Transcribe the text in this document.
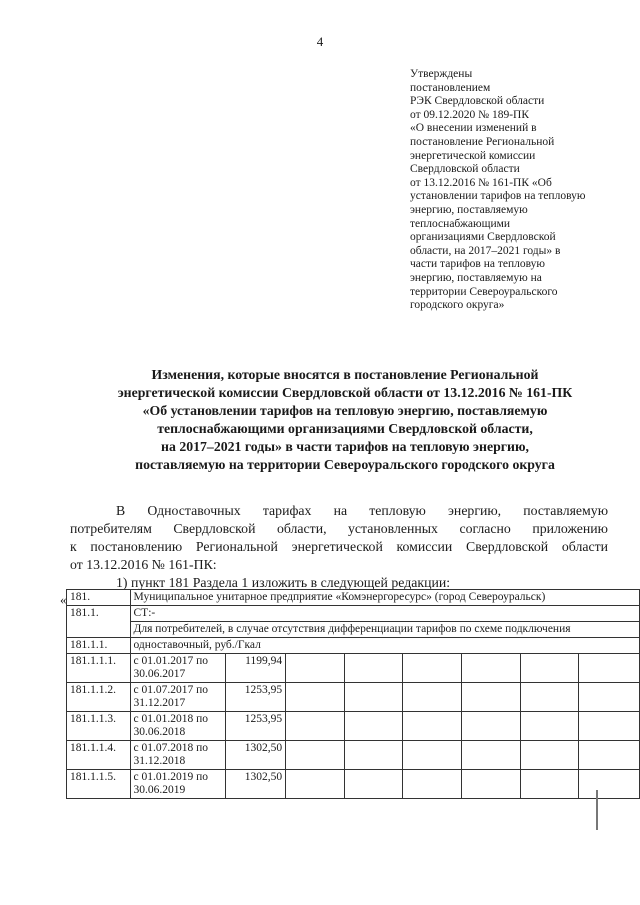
4
Утверждены
постановлением
РЭК Свердловской области
от 09.12.2020 № 189-ПК
«О внесении изменений в
постановление Региональной
энергетической комиссии
Свердловской области
от 13.12.2016 № 161-ПК «Об
установлении тарифов на тепловую
энергию, поставляемую
теплоснабжающими
организациями Свердловской
области, на 2017–2021 годы» в
части тарифов на тепловую
энергию, поставляемую на
территории Североуральского
городского округа»
Изменения, которые вносятся в постановление Региональной
энергетической комиссии Свердловской области от 13.12.2016 № 161-ПК
«Об установлении тарифов на тепловую энергию, поставляемую
теплоснабжающими организациями Свердловской области,
на 2017–2021 годы» в части тарифов на тепловую энергию,
поставляемую на территории Североуральского городского округа
В Одноставочных тарифах на тепловую энергию, поставляемую
потребителям Свердловской области, установленных согласно приложению
к постановлению Региональной энергетической комиссии Свердловской области
от 13.12.2016 № 161-ПК:
1) пункт 181 Раздела 1 изложить в следующей редакции:
« 181.	Муниципальное унитарное предприятие «Комэнергоресурс» (город Североуральск)							
181.1.	СТ:-							
	Для потребителей, в случае отсутствия дифференциации тарифов по схеме подключения							
181.1.1.	одноставочный, руб./Гкал							
181.1.1.1.	с 01.01.2017 по 30.06.2017	1199,94						
181.1.1.2.	с 01.07.2017 по 31.12.2017	1253,95						
181.1.1.3.	с 01.01.2018 по 30.06.2018	1253,95						
181.1.1.4.	с 01.07.2018 по 31.12.2018	1302,50						
181.1.1.5.	с 01.01.2019 по 30.06.2019	1302,50						
